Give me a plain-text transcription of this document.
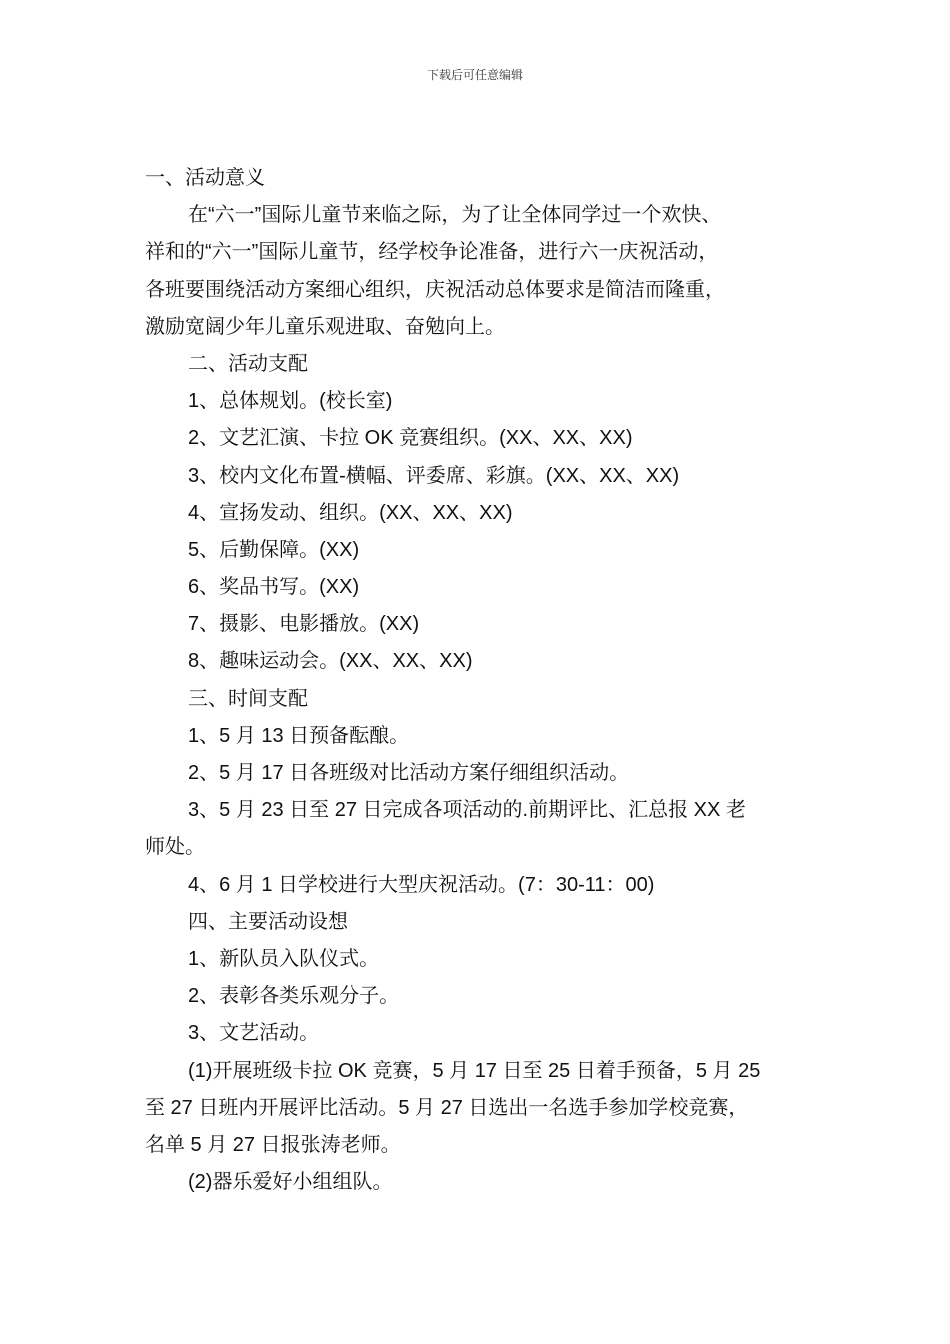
下载后可任意编辑
一、活动意义
在“六一”国际儿童节来临之际，为了让全体同学过一个欢快、
祥和的“六一”国际儿童节，经学校争论准备，进行六一庆祝活动，
各班要围绕活动方案细心组织，庆祝活动总体要求是简洁而隆重，
激励宽阔少年儿童乐观进取、奋勉向上。
二、活动支配
1、总体规划。(校长室)
2、文艺汇演、卡拉 OK 竞赛组织。(XX、XX、XX)
3、校内文化布置-横幅、评委席、彩旗。(XX、XX、XX)
4、宣扬发动、组织。(XX、XX、XX)
5、后勤保障。(XX)
6、奖品书写。(XX)
7、摄影、电影播放。(XX)
8、趣味运动会。(XX、XX、XX)
三、时间支配
1、5 月 13 日预备酝酿。
2、5 月 17 日各班级对比活动方案仔细组织活动。
3、5 月 23 日至 27 日完成各项活动的.前期评比、汇总报 XX 老
师处。
4、6 月 1 日学校进行大型庆祝活动。(7：30-11：00)
四、主要活动设想
1、新队员入队仪式。
2、表彰各类乐观分子。
3、文艺活动。
(1)开展班级卡拉 OK 竞赛，5 月 17 日至 25 日着手预备，5 月 25
至 27 日班内开展评比活动。5 月 27 日选出一名选手参加学校竞赛，
名单 5 月 27 日报张涛老师。
(2)器乐爱好小组组队。
